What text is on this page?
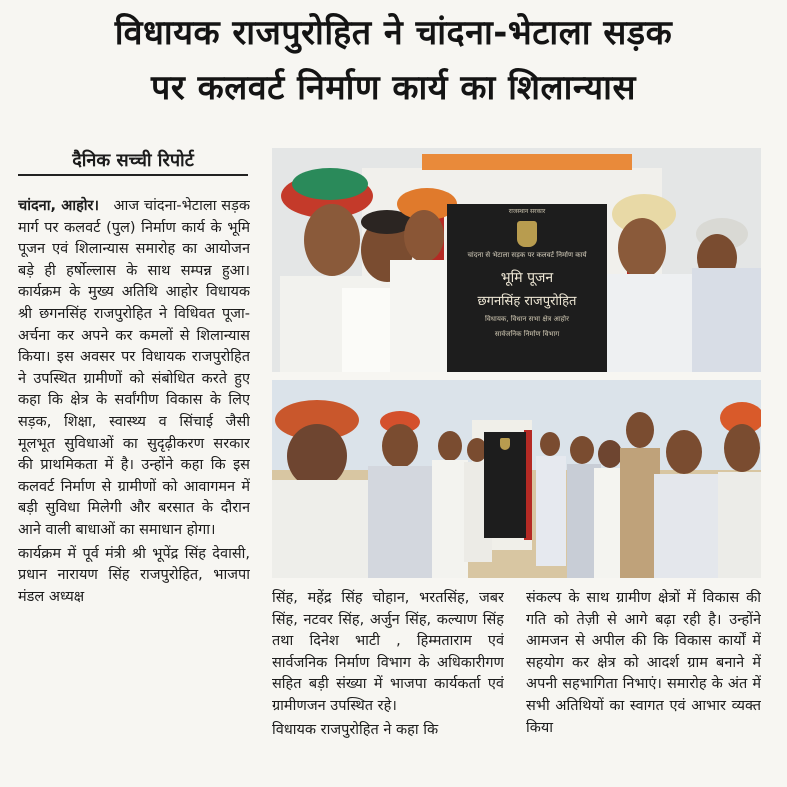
विधायक राजपुरोहित ने चांदना-भेटाला सड़क
पर कलवर्ट निर्माण कार्य का शिलान्यास
दैनिक सच्ची रिपोर्ट

चांदना, आहोर। आज चांदना-भेटाला सड़क मार्ग पर कलवर्ट (पुल) निर्माण कार्य के भूमि पूजन एवं शिलान्यास समारोह का आयोजन बड़े ही हर्षोल्लास के साथ सम्पन्न हुआ। कार्यक्रम के मुख्य अतिथि आहोर विधायक श्री छगनसिंह राजपुरोहित ने विधिवत पूजा-अर्चना कर अपने कर कमलों से शिलान्यास किया। इस अवसर पर विधायक राजपुरोहित ने उपस्थित ग्रामीणों को संबोधित करते हुए कहा कि क्षेत्र के सर्वांगीण विकास के लिए सड़क, शिक्षा, स्वास्थ्य व सिंचाई जैसी मूलभूत सुविधाओं का सुदृढ़ीकरण सरकार की प्राथमिकता में है। उन्होंने कहा कि इस कलवर्ट निर्माण से ग्रामीणों को आवागमन में बड़ी सुविधा मिलेगी और बरसात के दौरान आने वाली बाधाओं का समाधान होगा।

कार्यक्रम में पूर्व मंत्री श्री भूपेंद्र सिंह देवासी, प्रधान नारायण सिंह राजपुरोहित, भाजपा मंडल अध्यक्ष

राजस्थान सरकार
चांदना से भेटाला सड़क पर कलवर्ट निर्माण कार्य
भूमि पूजन
छगनसिंह राजपुरोहित
विधायक, विधान सभा क्षेत्र आहोर
सार्वजनिक निर्माण विभाग

सिंह, महेंद्र सिंह चोहान, भरतसिंह, जबर सिंह, नटवर सिंह, अर्जुन सिंह, कल्याण सिंह तथा दिनेश भाटी , हिम्मताराम एवं सार्वजनिक निर्माण विभाग के अधिकारीगण सहित बड़ी संख्या में भाजपा कार्यकर्ता एवं ग्रामीणजन उपस्थित रहे।

विधायक राजपुरोहित ने कहा कि

संकल्प के साथ ग्रामीण क्षेत्रों में विकास की गति को तेज़ी से आगे बढ़ा रही है। उन्होंने आमजन से अपील की कि विकास कार्यों में सहयोग कर क्षेत्र को आदर्श ग्राम बनाने में अपनी सहभागिता निभाएं। समारोह के अंत में सभी अतिथियों का स्वागत एवं आभार व्यक्त किया
